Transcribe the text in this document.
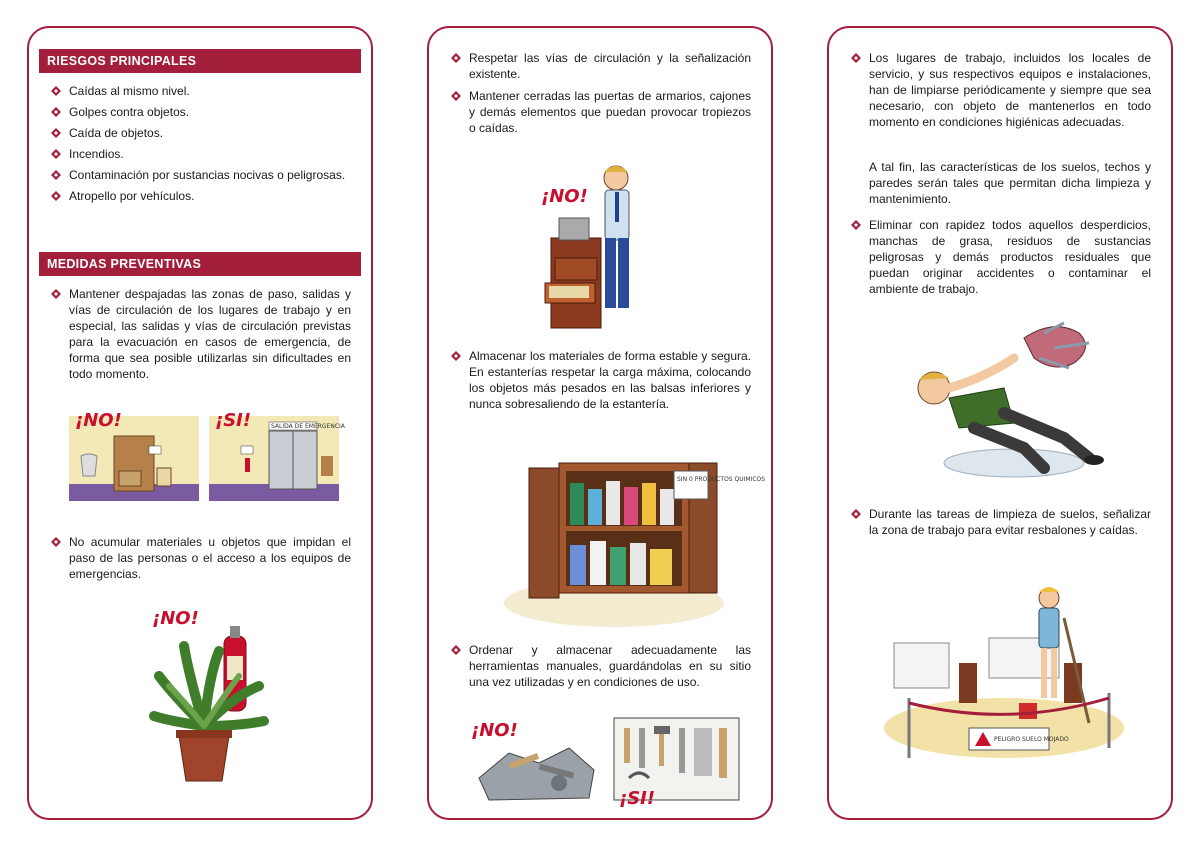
RIESGOS PRINCIPALES
Caídas al mismo nivel.
Golpes contra objetos.
Caída de objetos.
Incendios.
Contaminación por sustancias nocivas o peligrosas.
Atropello por vehículos.
MEDIDAS PREVENTIVAS
Mantener despajadas las zonas de paso, salidas y vías de circulación de los lugares de trabajo y en especial, las salidas y vías de circulación previstas para la evacuación en casos de emergencia, de forma que sea posible utilizarlas sin dificultades en todo momento.
¡NO!	¡SI!	SALIDA DE EMERGENCIA
No acumular materiales u objetos que impidan el paso de las personas o el acceso a los equipos de emergencias.
¡NO!
Respetar las vías de circulación y la señalización existente.
Mantener cerradas las puertas de armarios, cajones y demás elementos que puedan provocar tropiezos o caídas.
¡NO!
Almacenar los materiales de forma estable y segura. En estanterías respetar la carga máxima, colocando los objetos más pesados en las balsas inferiores y nunca sobresaliendo de la estantería.
SIN 0 PRODUCTOS QUIMICOS
Ordenar y almacenar adecuadamente las herramientas manuales, guardándolas en su sitio una vez utilizadas y en condiciones de uso.
¡NO!
¡SI!
Los lugares de trabajo, incluidos los locales de servicio, y sus respectivos equipos e instalaciones, han de limpiarse periódicamente y siempre que sea necesario, con objeto de mantenerlos en todo momento en condiciones higiénicas adecuadas.
A tal fin, las características de los suelos, techos y paredes serán tales que permitan dicha limpieza y mantenimiento.
Eliminar con rapidez todos aquellos desperdicios, manchas de grasa, residuos de sustancias peligrosas y demás productos residuales que puedan originar accidentes o contaminar el ambiente de trabajo.
Durante las tareas de limpieza de suelos, señalizar la zona de trabajo para evitar resbalones y caídas.
PELIGRO SUELO MOJADO
